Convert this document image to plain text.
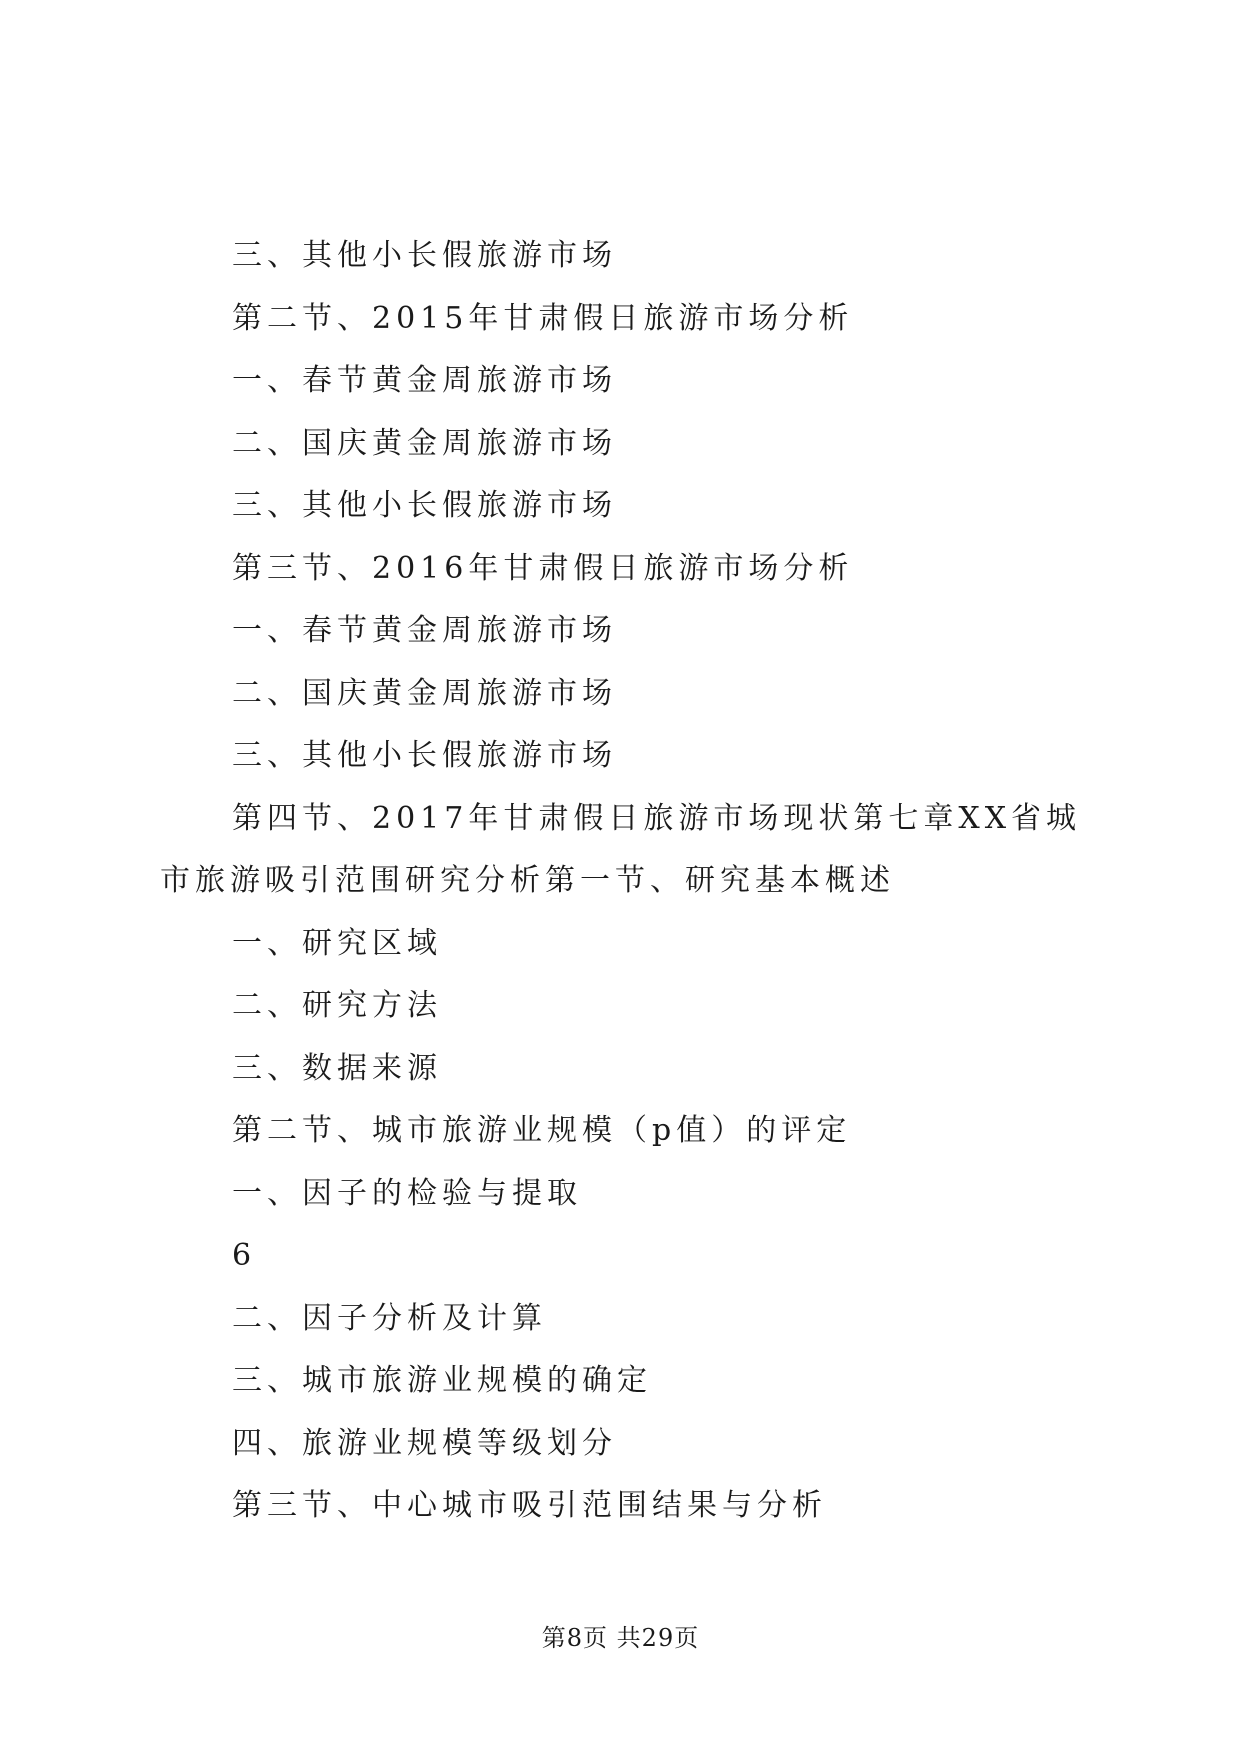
三、其他小长假旅游市场
第二节、2015年甘肃假日旅游市场分析
一、春节黄金周旅游市场
二、国庆黄金周旅游市场
三、其他小长假旅游市场
第三节、2016年甘肃假日旅游市场分析
一、春节黄金周旅游市场
二、国庆黄金周旅游市场
三、其他小长假旅游市场
第四节、2017年甘肃假日旅游市场现状第七章XX省城市旅游吸引范围研究分析第一节、研究基本概述
一、研究区域
二、研究方法
三、数据来源
第二节、城市旅游业规模（p值）的评定
一、因子的检验与提取
6
二、因子分析及计算
三、城市旅游业规模的确定
四、旅游业规模等级划分
第三节、中心城市吸引范围结果与分析
第8页 共29页
